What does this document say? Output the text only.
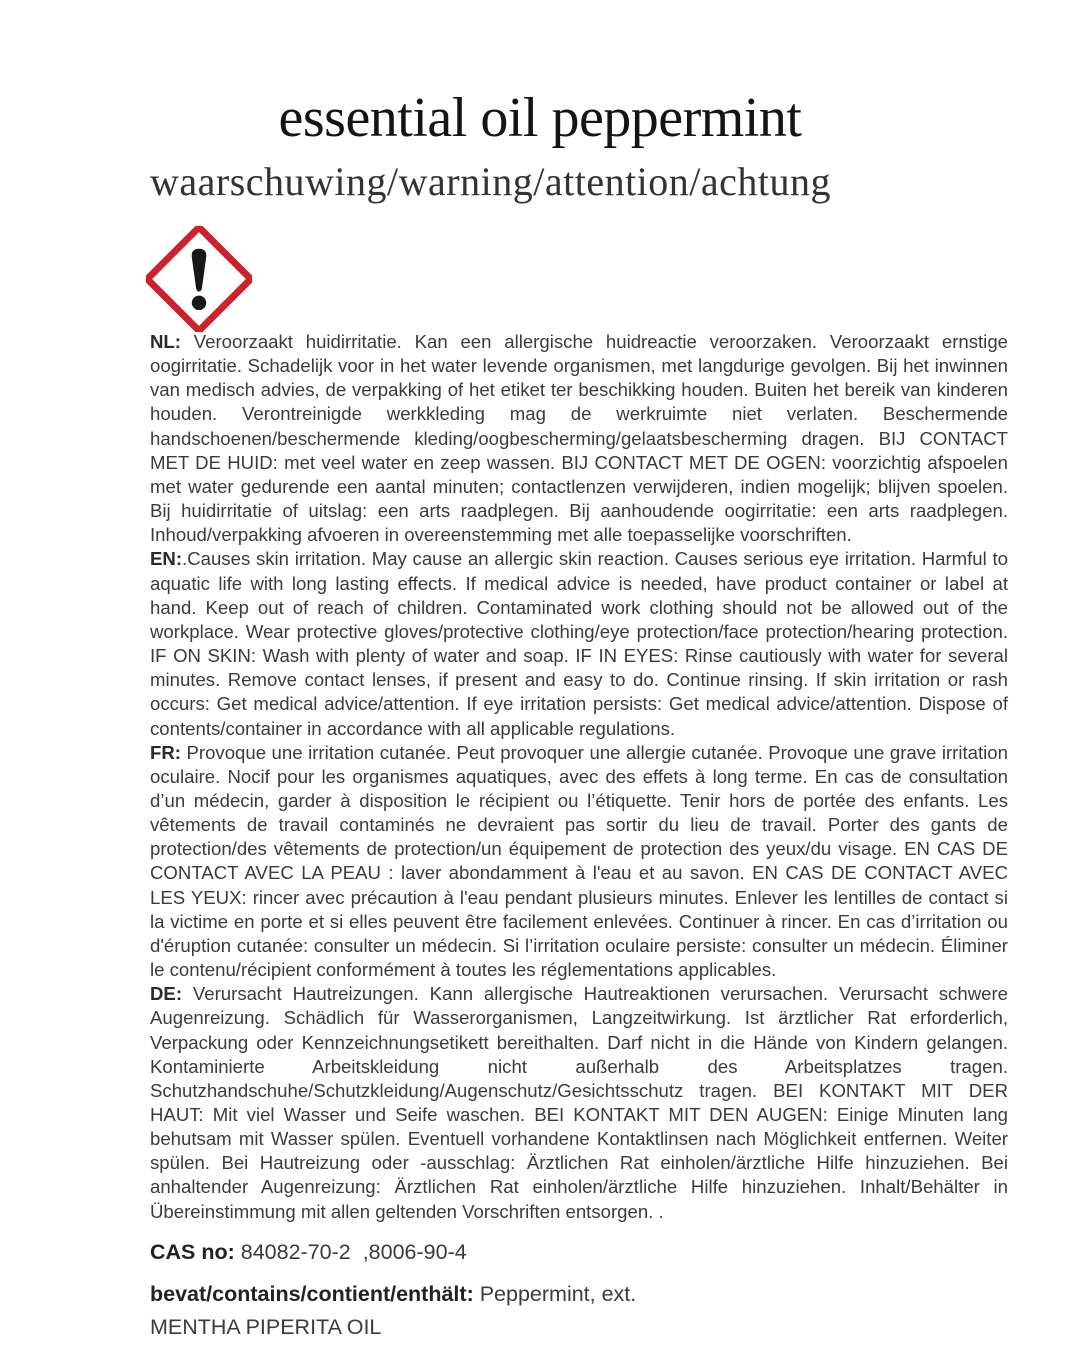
essential oil peppermint
waarschuwing/warning/attention/achtung

NL: Veroorzaakt huidirritatie. Kan een allergische huidreactie veroorzaken. Veroorzaakt ernstige oogirritatie. Schadelijk voor in het water levende organismen, met langdurige gevolgen. Bij het inwinnen van medisch advies, de verpakking of het etiket ter beschikking houden. Buiten het bereik van kinderen houden. Verontreinigde werkkleding mag de werkruimte niet verlaten. Beschermende handschoenen/beschermende kleding/oogbescherming/gelaatsbescherming dragen. BIJ CONTACT MET DE HUID: met veel water en zeep wassen. BIJ CONTACT MET DE OGEN: voorzichtig afspoelen met water gedurende een aantal minuten; contactlenzen verwijderen, indien mogelijk; blijven spoelen. Bij huidirritatie of uitslag: een arts raadplegen. Bij aanhoudende oogirritatie: een arts raadplegen. Inhoud/verpakking afvoeren in overeenstemming met alle toepasselijke voorschriften.

EN:.Causes skin irritation. May cause an allergic skin reaction. Causes serious eye irritation. Harmful to aquatic life with long lasting effects. If medical advice is needed, have product container or label at hand. Keep out of reach of children. Contaminated work clothing should not be allowed out of the workplace. Wear protective gloves/protective clothing/eye protection/face protection/hearing protection. IF ON SKIN: Wash with plenty of water and soap. IF IN EYES: Rinse cautiously with water for several minutes. Remove contact lenses, if present and easy to do. Continue rinsing. If skin irritation or rash occurs: Get medical advice/attention. If eye irritation persists: Get medical advice/attention. Dispose of contents/container in accordance with all applicable regulations.

FR: Provoque une irritation cutanée. Peut provoquer une allergie cutanée. Provoque une grave irritation oculaire. Nocif pour les organismes aquatiques, avec des effets à long terme. En cas de consultation d’un médecin, garder à disposition le récipient ou l’étiquette. Tenir hors de portée des enfants. Les vêtements de travail contaminés ne devraient pas sortir du lieu de travail. Porter des gants de protection/des vêtements de protection/un équipement de protection des yeux/du visage. EN CAS DE CONTACT AVEC LA PEAU : laver abondamment à l'eau et au savon. EN CAS DE CONTACT AVEC LES YEUX: rincer avec précaution à l'eau pendant plusieurs minutes. Enlever les lentilles de contact si la victime en porte et si elles peuvent être facilement enlevées. Continuer à rincer. En cas d’irritation ou d'éruption cutanée: consulter un médecin. Si l’irritation oculaire persiste: consulter un médecin. Éliminer le contenu/récipient conformément à toutes les réglementations applicables.

DE: Verursacht Hautreizungen. Kann allergische Hautreaktionen verursachen. Verursacht schwere Augenreizung. Schädlich für Wasserorganismen, Langzeitwirkung. Ist ärztlicher Rat erforderlich, Verpackung oder Kennzeichnungsetikett bereithalten. Darf nicht in die Hände von Kindern gelangen. Kontaminierte Arbeitskleidung nicht außerhalb des Arbeitsplatzes tragen. Schutzhandschuhe/Schutzkleidung/Augenschutz/Gesichtsschutz tragen. BEI KONTAKT MIT DER HAUT: Mit viel Wasser und Seife waschen. BEI KONTAKT MIT DEN AUGEN: Einige Minuten lang behutsam mit Wasser spülen. Eventuell vorhandene Kontaktlinsen nach Möglichkeit entfernen. Weiter spülen. Bei Hautreizung oder -ausschlag: Ärztlichen Rat einholen/ärztliche Hilfe hinzuziehen. Bei anhaltender Augenreizung: Ärztlichen Rat einholen/ärztliche Hilfe hinzuziehen. Inhalt/Behälter in Übereinstimmung mit allen geltenden Vorschriften entsorgen. .

CAS no: 84082-70-2  ,8006-90-4

bevat/contains/contient/enthält: Peppermint, ext.

MENTHA PIPERITA OIL
